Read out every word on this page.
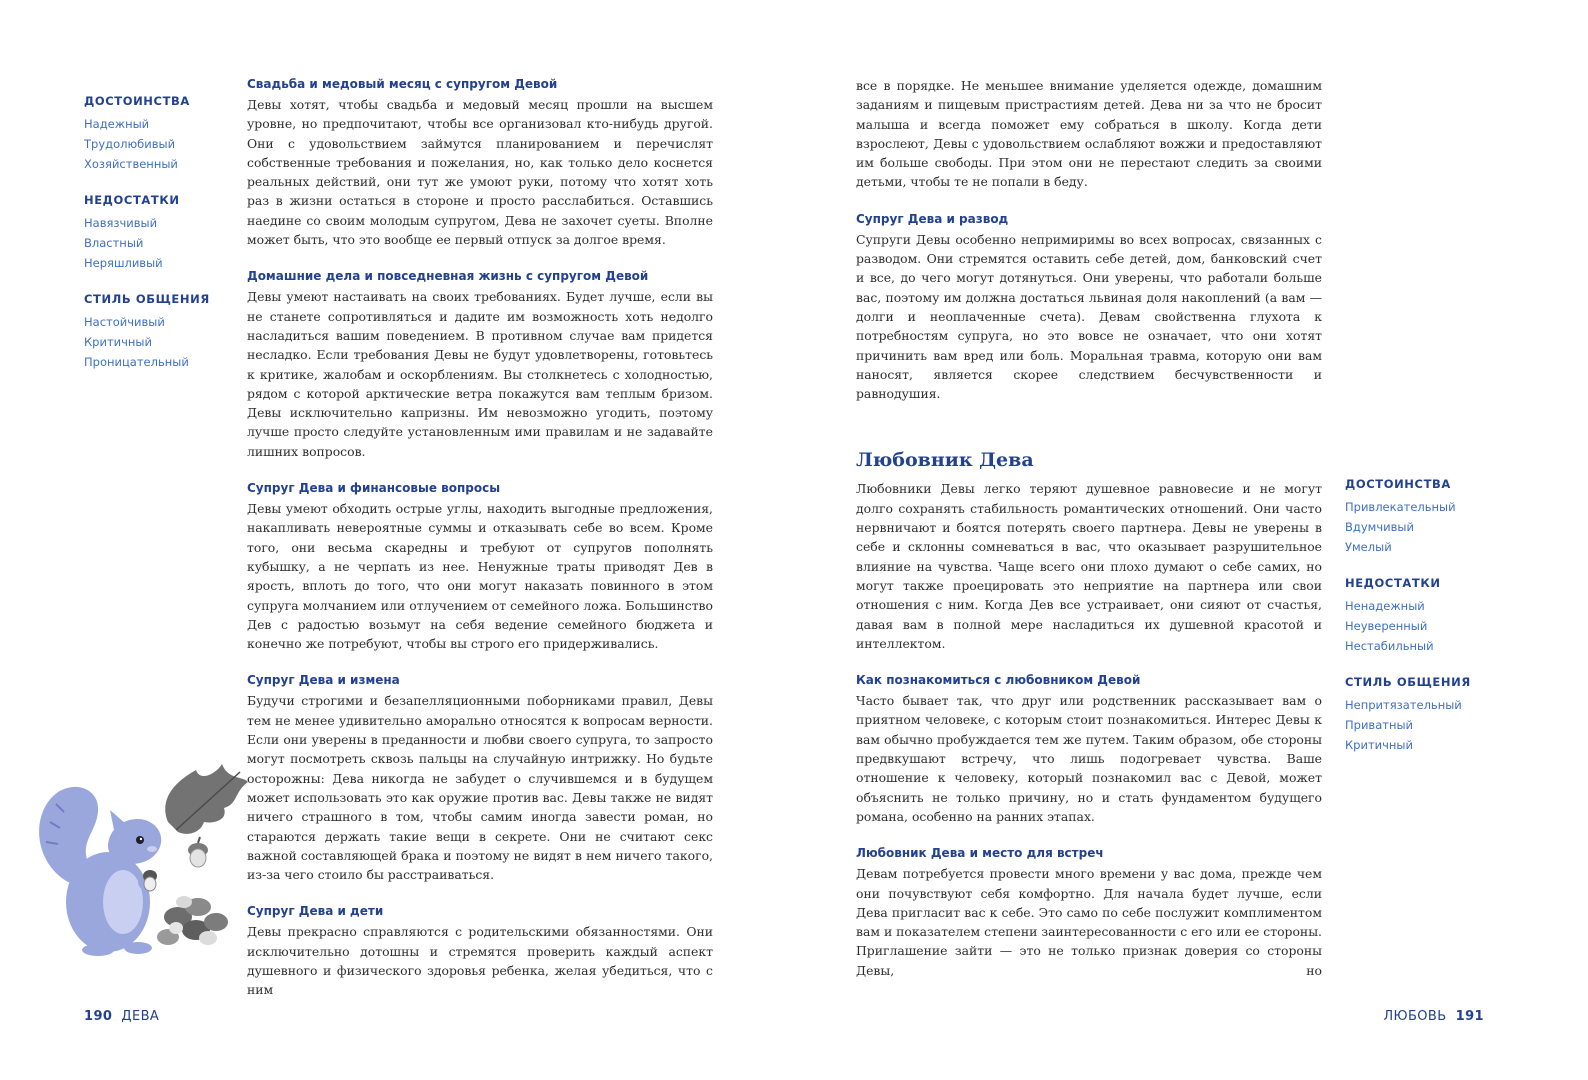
ДОСТОИНСТВА
Надежный
Трудолюбивый
Хозяйственный
НЕДОСТАТКИ
Навязчивый
Властный
Неряшливый
СТИЛЬ ОБЩЕНИЯ
Настойчивый
Критичный
Проницательный
Свадьба и медовый месяц с супругом Девой

Девы хотят, чтобы свадьба и медовый месяц прошли на высшем уровне, но предпочитают, чтобы все организовал кто-нибудь другой. Они с удовольствием займутся планированием и перечислят собственные требования и пожелания, но, как только дело коснется реальных действий, они тут же умоют руки, потому что хотят хоть раз в жизни остаться в стороне и просто расслабиться. Оставшись наедине со своим молодым супругом, Дева не захочет суеты. Вполне может быть, что это вообще ее первый отпуск за долгое время.

Домашние дела и повседневная жизнь с супругом Девой

Девы умеют настаивать на своих требованиях. Будет лучше, если вы не станете сопротивляться и дадите им возможность хоть недолго насладиться вашим поведением. В противном случае вам придется несладко. Если требования Девы не будут удовлетворены, готовьтесь к критике, жалобам и оскорблениям. Вы столкнетесь с холодностью, рядом с которой арктические ветра покажутся вам теплым бризом. Девы исключительно капризны. Им невозможно угодить, поэтому лучше просто следуйте установленным ими правилам и не задавайте лишних вопросов.

Супруг Дева и финансовые вопросы

Девы умеют обходить острые углы, находить выгодные предложения, накапливать невероятные суммы и отказывать себе во всем. Кроме того, они весьма скаредны и требуют от супругов пополнять кубышку, а не черпать из нее. Ненужные траты приводят Дев в ярость, вплоть до того, что они могут наказать повинного в этом супруга молчанием или отлучением от семейного ложа. Большинство Дев с радостью возьмут на себя ведение семейного бюджета и конечно же потребуют, чтобы вы строго его придерживались.

Супруг Дева и измена

Будучи строгими и безапелляционными поборниками правил, Девы тем не менее удивительно аморально относятся к вопросам верности. Если они уверены в преданности и любви своего супруга, то запросто могут посмотреть сквозь пальцы на случайную интрижку. Но будьте осторожны: Дева никогда не забудет о случившемся и в будущем может использовать это как оружие против вас. Девы также не видят ничего страшного в том, чтобы самим иногда завести роман, но стараются держать такие вещи в секрете. Они не считают секс важной составляющей брака и поэтому не видят в нем ничего такого, из-за чего стоило бы расстраиваться.

Супруг Дева и дети

Девы прекрасно справляются с родительскими обязанностями. Они исключительно дотошны и стремятся проверить каждый аспект душевного и физического здоровья ребенка, желая убедиться, что с ним

190 ДЕВА

все в порядке. Не меньшее внимание уделяется одежде, домашним заданиям и пищевым пристрастиям детей. Дева ни за что не бросит малыша и всегда поможет ему собраться в школу. Когда дети взрослеют, Девы с удовольствием ослабляют вожжи и предоставляют им больше свободы. При этом они не перестают следить за своими детьми, чтобы те не попали в беду.

Супруг Дева и развод

Супруги Девы особенно непримиримы во всех вопросах, связанных с разводом. Они стремятся оставить себе детей, дом, банковский счет и все, до чего могут дотянуться. Они уверены, что работали больше вас, поэтому им должна достаться львиная доля накоплений (а вам — долги и неоплаченные счета). Девам свойственна глухота к потребностям супруга, но это вовсе не означает, что они хотят причинить вам вред или боль. Моральная травма, которую они вам наносят, является скорее следствием бесчувственности и равнодушия.

Любовник Дева

Любовники Девы легко теряют душевное равновесие и не могут долго сохранять стабильность романтических отношений. Они часто нервничают и боятся потерять своего партнера. Девы не уверены в себе и склонны сомневаться в вас, что оказывает разрушительное влияние на чувства. Чаще всего они плохо думают о себе самих, но могут также проецировать это неприятие на партнера или свои отношения с ним. Когда Дев все устраивает, они сияют от счастья, давая вам в полной мере насладиться их душевной красотой и интеллектом.

Как познакомиться с любовником Девой

Часто бывает так, что друг или родственник рассказывает вам о приятном человеке, с которым стоит познакомиться. Интерес Девы к вам обычно пробуждается тем же путем. Таким образом, обе стороны предвкушают встречу, что лишь подогревает чувства. Ваше отношение к человеку, который познакомил вас с Девой, может объяснить не только причину, но и стать фундаментом будущего романа, особенно на ранних этапах.

Любовник Дева и место для встреч

Девам потребуется провести много времени у вас дома, прежде чем они почувствуют себя комфортно. Для начала будет лучше, если Дева пригласит вас к себе. Это само по себе послужит комплиментом вам и показателем степени заинтересованности с его или ее стороны. Приглашение зайти — это не только признак доверия со стороны Девы, но

ДОСТОИНСТВА
Привлекательный
Вдумчивый
Умелый
НЕДОСТАТКИ
Ненадежный
Неуверенный
Нестабильный
СТИЛЬ ОБЩЕНИЯ
Непритязательный
Приватный
Критичный
ЛЮБОВЬ 191
